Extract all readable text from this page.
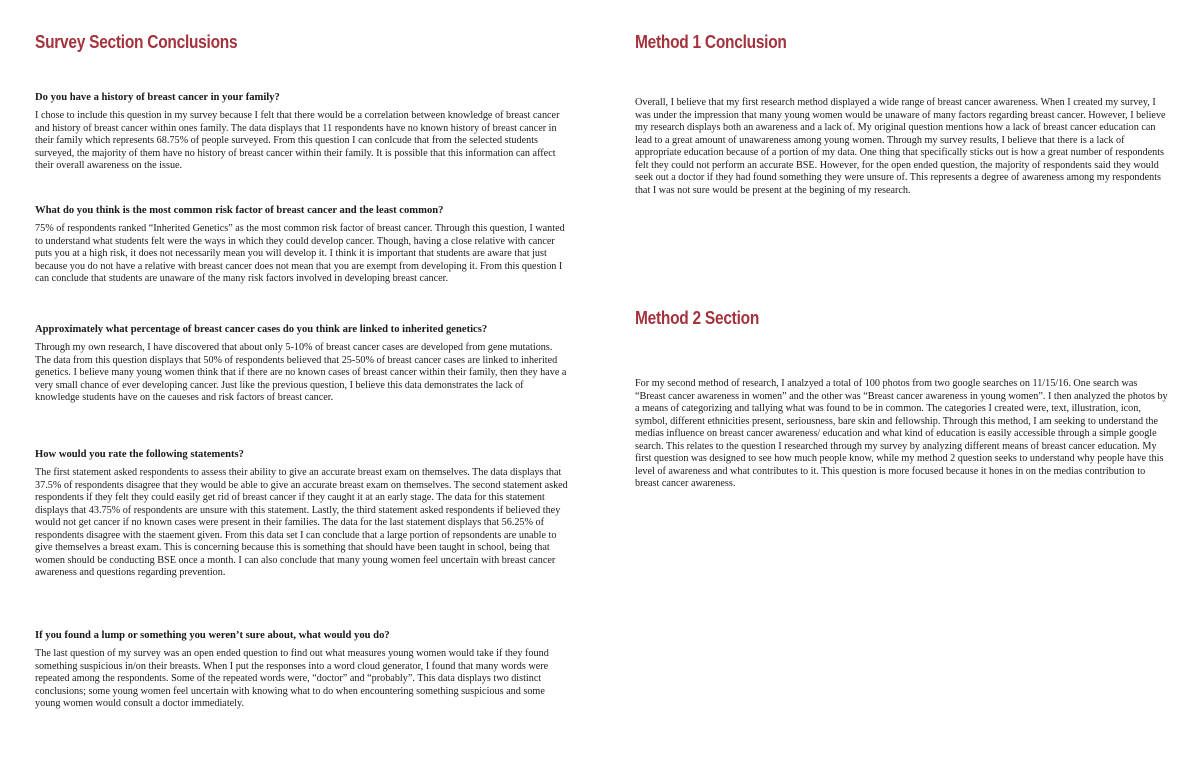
Survey Section Conclusions
Do you have a history of breast cancer in your family?

I chose to include this question in my survey because I felt that there would be a correlation between knowledge of breast cancer and history of breast cancer within ones family. The data displays that 11 respondents have no known history of breast cancer in their family which represents 68.75% of people surveyed. From this question I can conlcude that from the selected students surveyed, the majority of them have no history of breast cancer within their family. It is possible that this information can affect their overall awareness on the issue.

What do you think is the most common risk factor of breast cancer and the least common?

75% of respondents ranked “Inherited Genetics” as the most common risk factor of breast cancer. Through this question, I wanted to understand what students felt were the ways in which they could develop cancer. Though, having a close relative with cancer puts you at a high risk, it does not necessarily mean you will develop it. I think it is important that students are aware that just because you do not have a relative with breast cancer does not mean that you are exempt from developing it. From this question I can conclude that students are unaware of the many risk factors involved in developing breast cancer.

Approximately what percentage of breast cancer cases do you think are linked to inherited genetics?

Through my own research, I have discovered that about only 5-10% of breast cancer cases are developed from gene mutations. The data from this question displays that 50% of respondents believed that 25-50% of breast cancer cases are linked to inherited genetics. I believe many young women think that if there are no known cases of breast cancer within their family, then they have a very small chance of ever developing cancer. Just like the previous question, I believe this data demonstrates the lack of knowledge students have on the caueses and risk factors of breast cancer.

How would you rate the following statements?

The first statement asked respondents to assess their ability to give an accurate breast exam on themselves. The data displays that 37.5% of respondents disagree that they would be able to give an accurate breast exam on themselves. The second statement asked respondents if they felt they could easily get rid of breast cancer if they caught it at an early stage. The data for this statement displays that 43.75% of respondents are unsure with this statement. Lastly, the third statement asked respondents if believed they would not get cancer if no known cases were present in their families. The data for the last statement displays that 56.25% of respondents disagree with the staement given. From this data set I can conclude that a large portion of repsondents are unable to give themselves a breast exam. This is concerning because this is something that should have been taught in school, being that women should be conducting BSE once a month. I can also conclude that many young women feel uncertain with breast cancer awareness and questions regarding prevention.

If you found a lump or something you weren’t sure about, what would you do?

The last question of my survey was an open ended question to find out what measures young women would take if they found something suspicious in/on their breasts. When I put the responses into a word cloud generator, I found that many words were repeated among the respondents. Some of the repeated words were, “doctor” and “probably”. This data displays two distinct conclusions; some young women feel uncertain with knowing what to do when encountering something suspicious and some young women would consult a doctor immediately.

Method 1 Conclusion

Overall, I believe that my first research method displayed a wide range of breast cancer awareness. When I created my survey, I was under the impression that many young women would be unaware of many factors regarding breast cancer. However, I believe my research displays both an awareness and a lack of. My original question mentions how a lack of breast cancer education can lead to a great amount of unawareness among young women. Through my survey results, I believe that there is a lack of appropriate education because of a portion of my data. One thing that specifically sticks out is how a great number of respondents felt they could not perform an accurate BSE. However, for the open ended question, the majority of respondents said they would seek out a doctor if they had found something they were unsure of. This represents a degree of awareness among my respondents that I was not sure would be present at the begining of my research.

Method 2 Section

For my second method of research, I analzyed a total of 100 photos from two google searches on 11/15/16. One search was “Breast cancer awareness in women” and the other was “Breast cancer awareness in young women”. I then analyzed the photos by a means of categorizing and tallying what was found to be in common. The categories I created were, text, illustration, icon, symbol, different ethnicities present, seriousness, bare skin and fellowship. Through this method, I am seeking to understand the medias influence on breast cancer awareness/ education and what kind of education is easily accessible through a simple google search. This relates to the question I researched through my survey by analyzing different means of breast cancer education. My first question was designed to see how much people know, while my method 2 question seeks to understand why people have this level of awareness and what contributes to it. This question is more focused because it hones in on the medias contribution to breast cancer awareness.
